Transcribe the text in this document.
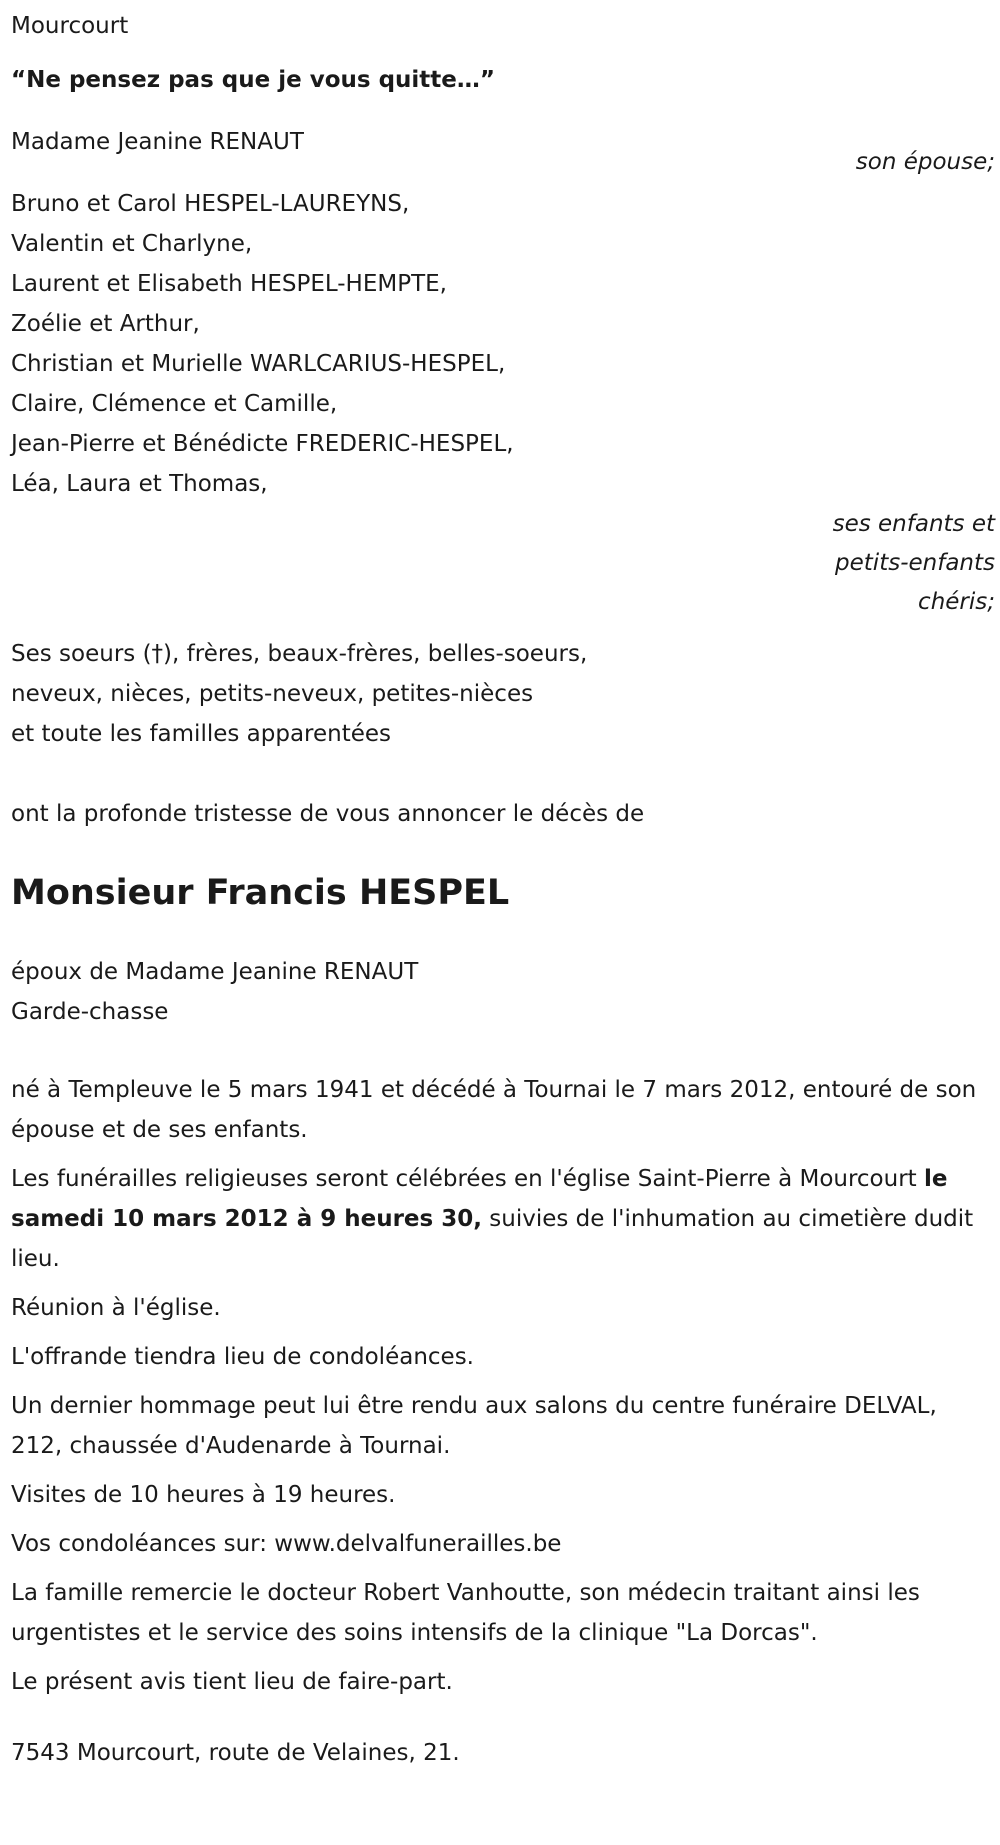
Mourcourt
“Ne pensez pas que je vous quitte…”
Madame Jeanine RENAUT
son épouse;
Bruno et Carol HESPEL-LAUREYNS,
Valentin et Charlyne,
Laurent et Elisabeth HESPEL-HEMPTE,
Zoélie et Arthur,
Christian et Murielle WARLCARIUS-HESPEL,
Claire, Clémence et Camille,
Jean-Pierre et Bénédicte FREDERIC-HESPEL,
Léa, Laura et Thomas,
ses enfants et
petits-enfants
chéris;
Ses soeurs (†), frères, beaux-frères, belles-soeurs,
neveux, nièces, petits-neveux, petites-nièces
et toute les familles apparentées
ont la profonde tristesse de vous annoncer le décès de
Monsieur Francis HESPEL
époux de Madame Jeanine RENAUT
Garde-chasse
né à Templeuve le 5 mars 1941 et décédé à Tournai le 7 mars 2012, entouré de son épouse et de ses enfants.
Les funérailles religieuses seront célébrées en l'église Saint-Pierre à Mourcourt le samedi 10 mars 2012 à 9 heures 30, suivies de l'inhumation au cimetière dudit lieu.
Réunion à l'église.
L'offrande tiendra lieu de condoléances.
Un dernier hommage peut lui être rendu aux salons du centre funéraire DELVAL, 212, chaussée d'Audenarde à Tournai.
Visites de 10 heures à 19 heures.
Vos condoléances sur: www.delvalfunerailles.be
La famille remercie le docteur Robert Vanhoutte, son médecin traitant ainsi les urgentistes et le service des soins intensifs de la clinique "La Dorcas".
Le présent avis tient lieu de faire-part.
7543 Mourcourt, route de Velaines, 21.
